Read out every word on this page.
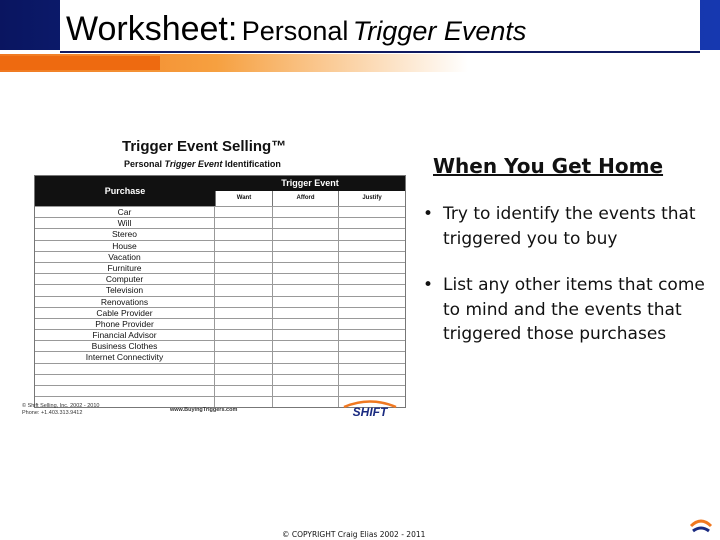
Worksheet: Personal Trigger Events
Trigger Event Selling™
Personal Trigger Event Identification
Purchase
Trigger Event
Want	Afford	Justify
Car
Will
Stereo
House
Vacation
Furniture
Computer
Television
Renovations
Cable Provider
Phone Provider
Financial Advisor
Business Clothes
Internet Connectivity
© Shift Selling, Inc. 2002 - 2010
Phone: +1.403.313.9412	www.BuyingTriggers.com	SHIFT
When You Get Home
• Try to identify the events that triggered you to buy
• List any other items that come to mind and the events that triggered those purchases
© COPYRIGHT Craig Elias 2002 - 2011
